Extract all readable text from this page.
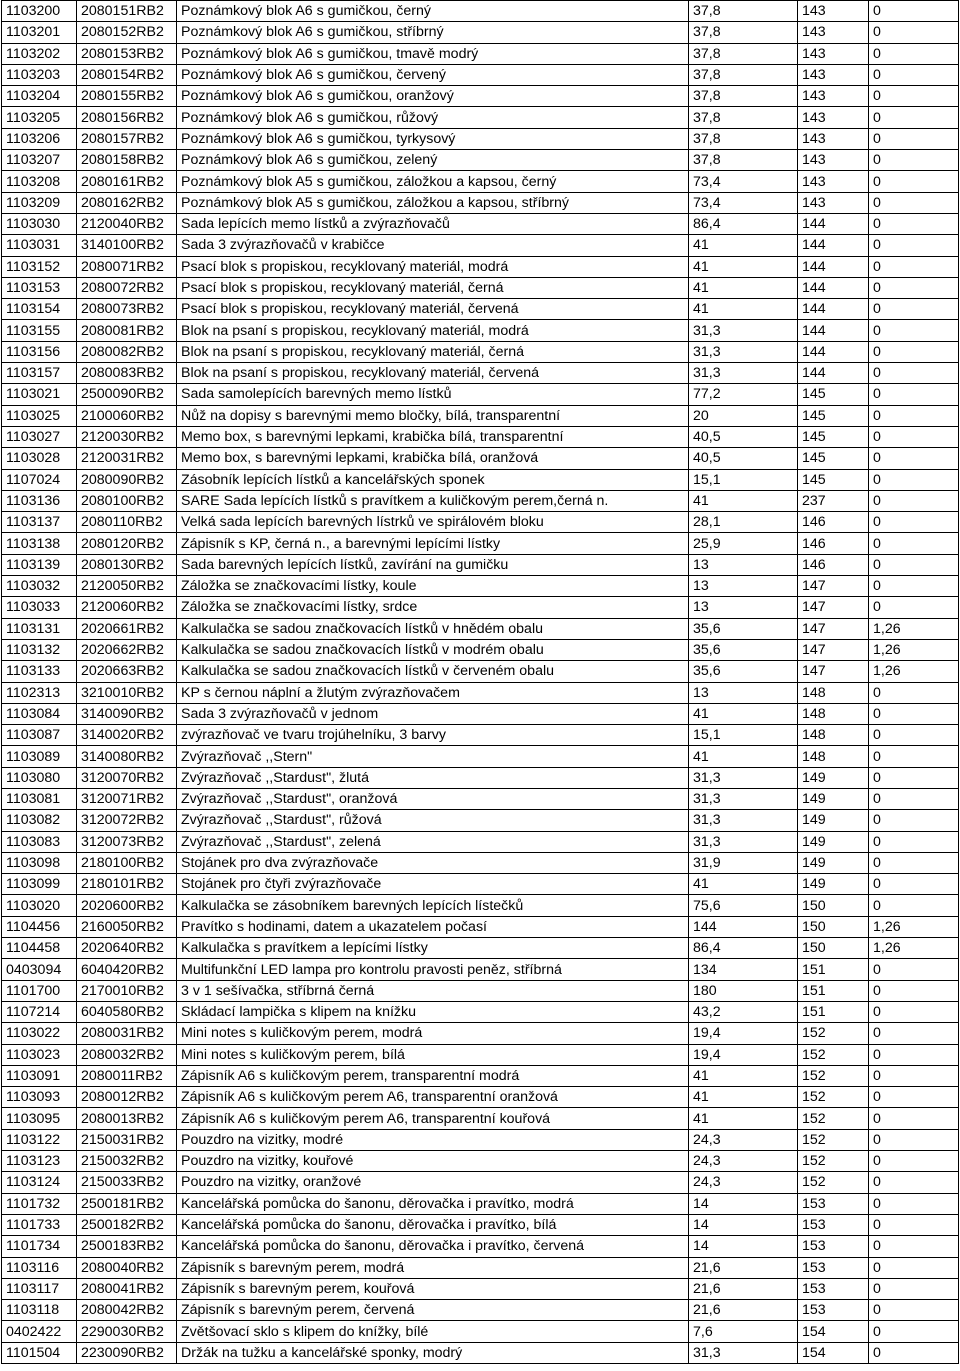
1103200	2080151RB2	Poznámkový blok A6 s gumičkou, černý	37,8	143	0
1103201	2080152RB2	Poznámkový blok A6 s gumičkou, stříbrný	37,8	143	0
1103202	2080153RB2	Poznámkový blok A6 s gumičkou, tmavě modrý	37,8	143	0
1103203	2080154RB2	Poznámkový blok A6 s gumičkou, červený	37,8	143	0
1103204	2080155RB2	Poznámkový blok A6 s gumičkou, oranžový	37,8	143	0
1103205	2080156RB2	Poznámkový blok A6 s gumičkou, růžový	37,8	143	0
1103206	2080157RB2	Poznámkový blok A6 s gumičkou, tyrkysový	37,8	143	0
1103207	2080158RB2	Poznámkový blok A6 s gumičkou, zelený	37,8	143	0
1103208	2080161RB2	Poznámkový blok A5 s gumičkou, záložkou a kapsou, černý	73,4	143	0
1103209	2080162RB2	Poznámkový blok A5 s gumičkou, záložkou a kapsou, stříbrný	73,4	143	0
1103030	2120040RB2	Sada lepících memo lístků a zvýrazňovačů	86,4	144	0
1103031	3140100RB2	Sada 3 zvýrazňovačů v krabičce	41	144	0
1103152	2080071RB2	Psací blok s propiskou, recyklovaný materiál, modrá	41	144	0
1103153	2080072RB2	Psací blok s propiskou, recyklovaný materiál, černá	41	144	0
1103154	2080073RB2	Psací blok s propiskou, recyklovaný materiál, červená	41	144	0
1103155	2080081RB2	Blok na psaní s propiskou, recyklovaný materiál, modrá	31,3	144	0
1103156	2080082RB2	Blok na psaní s propiskou, recyklovaný materiál, černá	31,3	144	0
1103157	2080083RB2	Blok na psaní s propiskou, recyklovaný materiál, červená	31,3	144	0
1103021	2500090RB2	Sada samolepících barevných memo lístků	77,2	145	0
1103025	2100060RB2	Nůž na dopisy s barevnými memo bločky, bílá, transparentní	20	145	0
1103027	2120030RB2	Memo box, s barevnými lepkami, krabička bílá, transparentní	40,5	145	0
1103028	2120031RB2	Memo box, s barevnými lepkami, krabička bílá, oranžová	40,5	145	0
1107024	2080090RB2	Zásobník lepících lístků a kancelářských sponek	15,1	145	0
1103136	2080100RB2	SARE Sada lepících lístků s pravítkem a kuličkovým perem,černá n.	41	237	0
1103137	2080110RB2	Velká sada lepících barevných lístrků ve spirálovém bloku	28,1	146	0
1103138	2080120RB2	Zápisník s KP, černá n., a barevnými lepícími lístky	25,9	146	0
1103139	2080130RB2	Sada barevných lepících lístků, zavírání na gumičku	13	146	0
1103032	2120050RB2	Záložka se značkovacími lístky, koule	13	147	0
1103033	2120060RB2	Záložka se značkovacími lístky, srdce	13	147	0
1103131	2020661RB2	Kalkulačka se sadou značkovacích lístků v hnědém obalu	35,6	147	1,26
1103132	2020662RB2	Kalkulačka se sadou značkovacích lístků v modrém obalu	35,6	147	1,26
1103133	2020663RB2	Kalkulačka se sadou značkovacích lístků v červeném obalu	35,6	147	1,26
1102313	3210010RB2	KP s černou náplní a žlutým zvýrazňovačem	13	148	0
1103084	3140090RB2	Sada 3 zvýrazňovačů v jednom	41	148	0
1103087	3140020RB2	zvýrazňovač ve tvaru trojúhelníku, 3 barvy	15,1	148	0
1103089	3140080RB2	Zvýrazňovač ,,Stern"	41	148	0
1103080	3120070RB2	Zvýrazňovač ,,Stardust", žlutá	31,3	149	0
1103081	3120071RB2	Zvýrazňovač ,,Stardust", oranžová	31,3	149	0
1103082	3120072RB2	Zvýrazňovač ,,Stardust", růžová	31,3	149	0
1103083	3120073RB2	Zvýrazňovač ,,Stardust", zelená	31,3	149	0
1103098	2180100RB2	Stojánek pro dva zvýrazňovače	31,9	149	0
1103099	2180101RB2	Stojánek pro čtyři zvýrazňovače	41	149	0
1103020	2020600RB2	Kalkulačka se zásobníkem barevných lepících lístečků	75,6	150	0
1104456	2160050RB2	Pravítko s hodinami, datem a ukazatelem počasí	144	150	1,26
1104458	2020640RB2	Kalkulačka s pravítkem a lepícími lístky	86,4	150	1,26
0403094	6040420RB2	Multifunkční LED lampa pro kontrolu pravosti peněz, stříbrná	134	151	0
1101700	2170010RB2	3 v 1 sešívačka, stříbrná černá	180	151	0
1107214	6040580RB2	Skládací lampička s klipem na knížku	43,2	151	0
1103022	2080031RB2	Mini notes s kuličkovým perem, modrá	19,4	152	0
1103023	2080032RB2	Mini notes s kuličkovým perem, bílá	19,4	152	0
1103091	2080011RB2	Zápisník A6 s kuličkovým perem, transparentní modrá	41	152	0
1103093	2080012RB2	Zápisník A6 s kuličkovým perem A6, transparentní oranžová	41	152	0
1103095	2080013RB2	Zápisník A6 s kuličkovým perem A6, transparentní kouřová	41	152	0
1103122	2150031RB2	Pouzdro na vizitky, modré	24,3	152	0
1103123	2150032RB2	Pouzdro na vizitky, kouřové	24,3	152	0
1103124	2150033RB2	Pouzdro na vizitky, oranžové	24,3	152	0
1101732	2500181RB2	Kancelářská pomůcka do šanonu, děrovačka i pravítko, modrá	14	153	0
1101733	2500182RB2	Kancelářská pomůcka do šanonu, děrovačka i pravítko, bílá	14	153	0
1101734	2500183RB2	Kancelářská pomůcka do šanonu, děrovačka i pravítko, červená	14	153	0
1103116	2080040RB2	Zápisník s barevným perem, modrá	21,6	153	0
1103117	2080041RB2	Zápisník s barevným perem, kouřová	21,6	153	0
1103118	2080042RB2	Zápisník s barevným perem, červená	21,6	153	0
0402422	2290030RB2	Zvětšovací sklo s klipem do knížky, bílé	7,6	154	0
1101504	2230090RB2	Držák na tužku a kancelářské sponky, modrý	31,3	154	0
